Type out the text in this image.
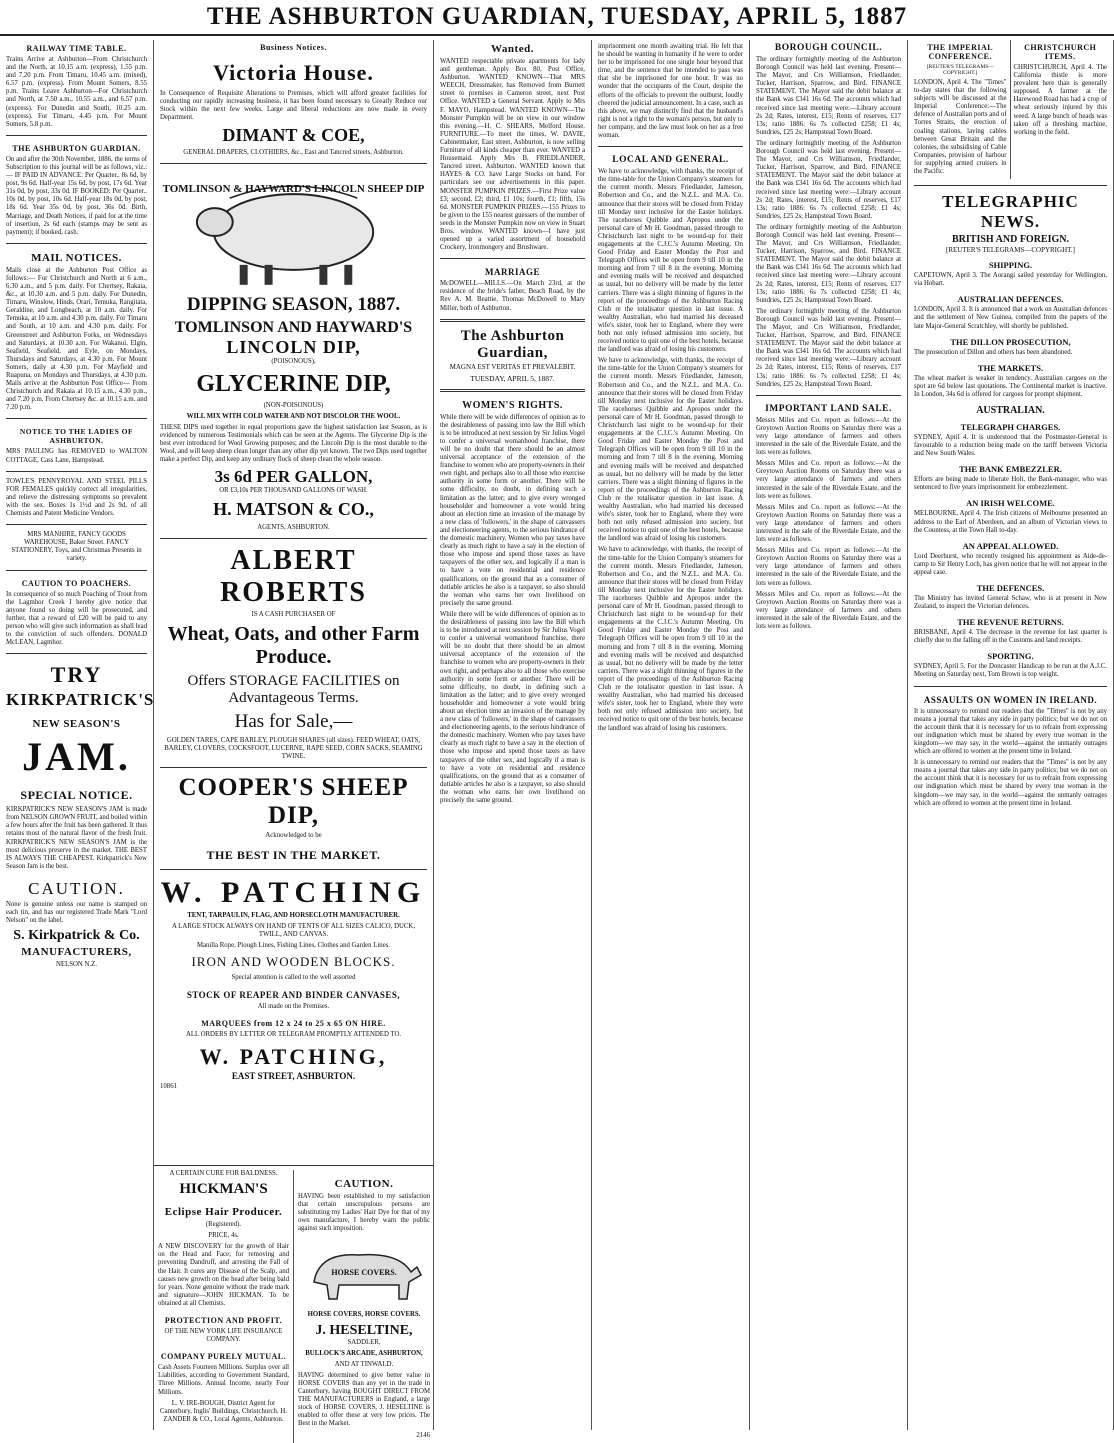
THE ASHBURTON GUARDIAN, TUESDAY, APRIL 5, 1887
RAILWAY TIME TABLE.
Trains Arrive at Ashburton—From Christchurch and the North, at 10.15 a.m. (express), 1.55 p.m. and 7.20 p.m. From Timaru, 10.45 a.m. (mixed), 6.57 p.m. (express). From Mount Somers, 8.55 p.m. Trains Leave Ashburton—For Christchurch and North, at 7.50 a.m., 10.55 a.m., and 6.57 p.m. (express). For Dunedin and South, 10.25 a.m. (express). For Timaru, 4.45 p.m. For Mount Somers, 5.8 p.m.
THE ASHBURTON GUARDIAN.
On and after the 30th November, 1886, the terms of Subscription to this journal will be as follows, viz.: — IF PAID IN ADVANCE: Per Quarter.. 8s 6d, by post, 9s 6d. Half-year 15s 6d, by post, 17s 6d. Year 31s 0d, by post, 33s 0d. IF BOOKED: Per Quarter.. 10s 0d, by post, 10s 6d. Half-year 18s 0d, by post, 18s 6d. Year 35s 0d, by post, 36s 0d. Birth, Marriage, and Death Notices, if paid for at the time of insertion, 2s 6d each (stamps may be sent as payment); if booked, cash.
MAIL NOTICES.
Mails close at the Ashburton Post Office as follows:— For Christchurch and North at 6 a.m., 6.30 a.m., and 5 p.m. daily. For Chertsey, Rakaia, &c., at 10.30 a.m. and 5 p.m. daily. For Dunedin, Timaru, Winslow, Hinds, Orari, Temuka, Rangitata, Geraldine, and Longbeach, at 10 a.m. daily. For Temuka, at 10 a.m. and 4.30 p.m. daily. For Timaru and South, at 10 a.m. and 4.30 p.m. daily. For Greenstreet and Ashburton Forks, on Wednesdays and Saturdays, at 10.30 a.m. For Wakanui, Elgin, Seafield, Seafield, and Eyle, on Mondays, Thursdays and Saturdays, at 4.30 p.m. For Mount Somers, daily at 4.30 p.m. For Mayfield and Ruapuna, on Mondays and Thursdays, at 4.30 p.m. Mails arrive at the Ashburton Post Office— From Christchurch and Rakaia at 10.15 a.m., 4.30 p.m., and 7.20 p.m. From Chertsey &c. at 10.15 a.m. and 7.20 p.m.
NOTICE TO THE LADIES OF ASHBURTON.
MRS PAULING has REMOVED to WALTON COTTAGE, Cass Lane, Hampstead.
TOWLE'S PENNYROYAL AND STEEL PILLS FOR FEMALES quickly correct all irregularities, and relieve the distressing symptoms so prevalent with the sex. Boxes 1s 1½d and 2s 9d, of all Chemists and Patent Medicine Vendors.
MRS MANHIRE, FANCY GOODS WAREHOUSE, Baker Street. FANCY STATIONERY, Toys, and Christmas Presents in variety.
CAUTION TO POACHERS.
In consequence of so much Poaching of Trout from the Lagmhor Creek I hereby give notice that anyone found so doing will be prosecuted, and further, that a reward of £20 will be paid to any person who will give such information as shall lead to the conviction of such offenders. DONALD McLEAN, Lagmhor.
TRY
KIRKPATRICK'S
NEW SEASON'S
JAM.
SPECIAL NOTICE.
KIRKPATRICK'S NEW SEASON'S JAM is made from NELSON GROWN FRUIT, and boiled within a few hours after the fruit has been gathered. It thus retains most of the natural flavor of the fresh fruit. KIRKPATRICK'S NEW SEASON'S JAM is the most delicious preserve in the market. THE BEST IS ALWAYS THE CHEAPEST. Kirkpatrick's New Season Jam is the best.
CAUTION.
None is genuine unless our name is stamped on each tin, and has our registered Trade Mark "Lord Nelson" on the label.
S. Kirkpatrick & Co.
MANUFACTURERS,
NELSON N.Z.
Business Notices.
Victoria House.
In Consequence of Requisite Alterations to Premises, which will afford greater facilities for conducting our rapidly increasing business, it has been found necessary to Greatly Reduce our Stock within the next few weeks. Large and liberal reductions are now made in every Department.
DIMANT & COE,
GENERAL DRAPERS, CLOTHIERS, &c., East and Tancred streets, Ashburton.
TOMLINSON & HAYWARD'S LINCOLN SHEEP DIP
DIPPING SEASON, 1887.
TOMLINSON AND HAYWARD'S
LINCOLN DIP,
(POISONOUS),
GLYCERINE DIP,
(NON-POISONOUS)
WILL MIX WITH COLD WATER AND NOT DISCOLOR THE WOOL.
THESE DIPS used together in equal proportions gave the highest satisfaction last Season, as is evidenced by numerous Testimonials which can be seen at the Agents. The Glycerine Dip is the best ever introduced for Wool Growing purposes; and the Lincoln Dip is the most durable to the Wool, and will keep sheep clean longer than any other dip yet known. The two Dips used together make a perfect Dip, and keep any ordinary flock of sheep clean the whole season.
3s 6d PER GALLON,
OR £3,10s PER THOUSAND GALLONS OF WASH.
H. MATSON & CO.,
AGENTS, ASHBURTON.
ALBERT ROBERTS
IS A CASH PURCHASER OF
Wheat, Oats, and other Farm Produce.
Offers STORAGE FACILITIES on Advantageous Terms.
Has for Sale,—
GOLDEN TARES, CAPE BARLEY, PLOUGH SHARES (all sizes). FEED WHEAT, OATS, BARLEY, CLOVERS, COCKSFOOT, LUCERNE, RAPE SEED, CORN SACKS, SEAMING TWINE.
COOPER'S SHEEP DIP,
Acknowledged to be
THE BEST IN THE MARKET.
W. PATCHING
TENT, TARPAULIN, FLAG, AND HORSECLOTH MANUFACTURER.
A LARGE STOCK ALWAYS ON HAND OF TENTS OF ALL SIZES CALICO, DUCK, TWILL, AND CANVAS.
Manilla Rope, Plough Lines, Fishing Lines, Clothes and Garden Lines.
IRON AND WOODEN BLOCKS.
Special attention is called to the well assorted
STOCK OF REAPER AND BINDER CANVASES,
All made on the Premises.
MARQUEES from 12 x 24 to 25 x 65 ON HIRE.
ALL ORDERS BY LETTER OR TELEGRAM PROMPTLY ATTENDED TO.
W. PATCHING,
EAST STREET, ASHBURTON.
10861
A CERTAIN CURE FOR BALDNESS.
HICKMAN'S
Eclipse Hair Producer.
(Registered).
PRICE, 4s.
A NEW DISCOVERY for the growth of Hair on the Head and Face; for removing and preventing Dandruff, and arresting the Fall of the Hair. It cures any Disease of the Scalp, and causes new growth on the head after being bald for years. None genuine without the trade mark and signature—JOHN HICKMAN. To be obtained at all Chemists.
PROTECTION AND PROFIT.
OF THE NEW YORK LIFE INSURANCE COMPANY.
COMPANY PURELY MUTUAL.
Cash Assets Fourteen Millions. Surplus over all Liabilities, according to Government Standard, Three Millions. Annual Income, nearly Four Millions.
L. V. IRE-BOUGH, District Agent for Canterbury, Inglis' Buildings, Christchurch. H. ZANDER & CO., Local Agents, Ashburton.
CAUTION.
HAVING been established to my satisfaction that certain unscrupulous persons are substituting my Ladies' Hair Dye for that of my own manufacture, I hereby warn the public against such imposition.
HORSE COVERS.
HORSE COVERS, HORSE COVERS.
J. HESELTINE,
SADDLER,
BULLOCK'S ARCADE, ASHBURTON,
AND AT TINWALD.
HAVING determined to give better value in HORSE COVERS than any yet in the trade in Canterbury, having BOUGHT DIRECT FROM THE MANUFACTURERS in England, a large stock of HORSE COVERS, J. HESELTINE is enabled to offer these at very low prices. The Best in the Market.
2146
Wanted.
WANTED respectable private apartments for lady and gentleman. Apply Box 80, Post Office, Ashburton. WANTED KNOWN—That MRS WEECH, Dressmaker, has Removed from Burnett street to premises in Cameron street, next Post Office. WANTED a General Servant. Apply to Mrs F. MAYO, Hampstead. WANTED KNOWN—The Monster Pumpkin will be on view in our window this evening.—H. C. SHEARS, Melford House. FURNITURE.—To meet the times, W. DAVIE, Cabinetmaker, East street, Ashburton, is now selling Furniture of all kinds cheaper than ever. WANTED a Housemaid. Apply Mrs B. FRIEDLANDER, Tancred street, Ashburton. WANTED known that HAYES & CO. have Large Stocks on hand. For particulars see our advertisements in this paper. MONSTER PUMPKIN PRIZES.—First Prize value £3; second, £2; third, £1 10s; fourth, £1; fifth, 15s 6d. MONSTER PUMPKIN PRIZES.—155 Prizes to be given to the 155 nearest guessers of the number of seeds in the Monster Pumpkin now on view in Stuart Bros. window. WANTED known—I have just opened up a varied assortment of household Crockery, Ironmongery and Brushware.
MARRIAGE
McDOWELL—MILLS.—On March 23rd, at the residence of the bride's father, Beach Road, by the Rev A. M. Beattie, Thomas McDowell to Mary Miller, both of Ashburton.
The Ashburton Guardian,
MAGNA EST VERITAS ET PREVALEBIT.
TUESDAY, APRIL 5, 1887.
WOMEN'S RIGHTS.
While there will be wide differences of opinion as to the desirableness of passing into law the Bill which is to be introduced at next session by Sir Julius Vogel to confer a universal womanhood franchise, there will be no doubt that there should be an almost universal acceptance of the extension of the franchise to women who are property-owners in their own right, and perhaps also to all those who exercise authority in some form or another. There will be some difficulty, no doubt, in defining such a limitation as the latter; and to give every wronged householder and homeowner a vote would bring about an election time an invasion of the manage by a new class of 'followers,' in the shape of canvassers and electioneering agents, to the serious hindrance of the domestic machinery. Women who pay taxes have clearly as much right to have a say in the election of those who impose and spend those taxes as have taxpayers of the other sex, and logically if a man is to have a vote on residential and residence qualifications, on the ground that as a consumer of dutiable articles he also is a taxpayer, so also should the woman who earns her own livelihood on precisely the same ground.
While there will be wide differences of opinion as to the desirableness of passing into law the Bill which is to be introduced at next session by Sir Julius Vogel to confer a universal womanhood franchise, there will be no doubt that there should be an almost universal acceptance of the extension of the franchise to women who are property-owners in their own right, and perhaps also to all those who exercise authority in some form or another. There will be some difficulty, no doubt, in defining such a limitation as the latter; and to give every wronged householder and homeowner a vote would bring about an election time an invasion of the manage by a new class of 'followers,' in the shape of canvassers and electioneering agents, to the serious hindrance of the domestic machinery. Women who pay taxes have clearly as much right to have a say in the election of those who impose and spend those taxes as have taxpayers of the other sex, and logically if a man is to have a vote on residential and residence qualifications, on the ground that as a consumer of dutiable articles he also is a taxpayer, so also should the woman who earns her own livelihood on precisely the same ground.
imprisonment one month awaiting trial. He felt that he should be wanting in humanity if he were to order her to be imprisoned for one single hour beyond that time, and the sentence that he intended to pass was that she be imprisoned for one hour. It was no wonder that the occupants of the Court, despite the efforts of the officials to prevent the outburst, loudly cheered the judicial announcement. In a case, such as this above, we may distinctly find that the husband's right is not a right to the woman's person, but only to her company, and the law must look on her as a free woman.
LOCAL AND GENERAL.
We have to acknowledge, with thanks, the receipt of the time-table for the Union Company's steamers for the current month. Messrs Friedlander, Jameson, Robertson and Co., and the N.Z.L. and M.A. Co. announce that their stores will be closed from Friday till Monday next inclusive for the Easter holidays. The racehorses Quibble and Apropos under the personal care of Mr H. Goodman, passed through to Christchurch last night to be wound-up for their engagements at the C.J.C.'s Autumn Meeting. On Good Friday and Easter Monday the Post and Telegraph Offices will be open from 9 till 10 in the morning and from 7 till 8 in the evening. Morning and evening mails will be received and despatched as usual, but no delivery will be made by the letter carriers. There was a slight thinning of figures in the report of the proceedings of the Ashburton Racing Club re the totalisator question in last issue. A wealthy Australian, who had married his deceased wife's sister, took her to England, where they were both not only refused admission into society, but received notice to quit one of the best hotels, because the landlord was afraid of losing his customers.
We have to acknowledge, with thanks, the receipt of the time-table for the Union Company's steamers for the current month. Messrs Friedlander, Jameson, Robertson and Co., and the N.Z.L. and M.A. Co. announce that their stores will be closed from Friday till Monday next inclusive for the Easter holidays. The racehorses Quibble and Apropos under the personal care of Mr H. Goodman, passed through to Christchurch last night to be wound-up for their engagements at the C.J.C.'s Autumn Meeting. On Good Friday and Easter Monday the Post and Telegraph Offices will be open from 9 till 10 in the morning and from 7 till 8 in the evening. Morning and evening mails will be received and despatched as usual, but no delivery will be made by the letter carriers. There was a slight thinning of figures in the report of the proceedings of the Ashburton Racing Club re the totalisator question in last issue. A wealthy Australian, who had married his deceased wife's sister, took her to England, where they were both not only refused admission into society, but received notice to quit one of the best hotels, because the landlord was afraid of losing his customers.
We have to acknowledge, with thanks, the receipt of the time-table for the Union Company's steamers for the current month. Messrs Friedlander, Jameson, Robertson and Co., and the N.Z.L. and M.A. Co. announce that their stores will be closed from Friday till Monday next inclusive for the Easter holidays. The racehorses Quibble and Apropos under the personal care of Mr H. Goodman, passed through to Christchurch last night to be wound-up for their engagements at the C.J.C.'s Autumn Meeting. On Good Friday and Easter Monday the Post and Telegraph Offices will be open from 9 till 10 in the morning and from 7 till 8 in the evening. Morning and evening mails will be received and despatched as usual, but no delivery will be made by the letter carriers. There was a slight thinning of figures in the report of the proceedings of the Ashburton Racing Club re the totalisator question in last issue. A wealthy Australian, who had married his deceased wife's sister, took her to England, where they were both not only refused admission into society, but received notice to quit one of the best hotels, because the landlord was afraid of losing his customers.
BOROUGH COUNCIL.
The ordinary fortnightly meeting of the Ashburton Borough Council was held last evening. Present—The Mayor, and Crs Williamson, Friedlander, Tucker, Harrison, Sparrow, and Bird. FINANCE STATEMENT. The Mayor said the debit balance at the Bank was £341 16s 6d. The accounts which had received since last meeting were:—Library account 2s 2d; Rates, interest, £15; Rents of reserves, £17 13s; ratio 1886: 6s 7s collected £258; £1 4s; Sundries, £25 2s; Hampstead Town Board.
The ordinary fortnightly meeting of the Ashburton Borough Council was held last evening. Present—The Mayor, and Crs Williamson, Friedlander, Tucker, Harrison, Sparrow, and Bird. FINANCE STATEMENT. The Mayor said the debit balance at the Bank was £341 16s 6d. The accounts which had received since last meeting were:—Library account 2s 2d; Rates, interest, £15; Rents of reserves, £17 13s; ratio 1886: 6s 7s collected £258; £1 4s; Sundries, £25 2s; Hampstead Town Board.
The ordinary fortnightly meeting of the Ashburton Borough Council was held last evening. Present—The Mayor, and Crs Williamson, Friedlander, Tucker, Harrison, Sparrow, and Bird. FINANCE STATEMENT. The Mayor said the debit balance at the Bank was £341 16s 6d. The accounts which had received since last meeting were:—Library account 2s 2d; Rates, interest, £15; Rents of reserves, £17 13s; ratio 1886: 6s 7s collected £258; £1 4s; Sundries, £25 2s; Hampstead Town Board.
The ordinary fortnightly meeting of the Ashburton Borough Council was held last evening. Present—The Mayor, and Crs Williamson, Friedlander, Tucker, Harrison, Sparrow, and Bird. FINANCE STATEMENT. The Mayor said the debit balance at the Bank was £341 16s 6d. The accounts which had received since last meeting were:—Library account 2s 2d; Rates, interest, £15; Rents of reserves, £17 13s; ratio 1886: 6s 7s collected £258; £1 4s; Sundries, £25 2s; Hampstead Town Board.
IMPORTANT LAND SALE.
Messrs Miles and Co. report as follows:—At the Greytown Auction Rooms on Saturday there was a very large attendance of farmers and others interested in the sale of the Riverdale Estate, and the lots were as follows.
Messrs Miles and Co. report as follows:—At the Greytown Auction Rooms on Saturday there was a very large attendance of farmers and others interested in the sale of the Riverdale Estate, and the lots were as follows.
Messrs Miles and Co. report as follows:—At the Greytown Auction Rooms on Saturday there was a very large attendance of farmers and others interested in the sale of the Riverdale Estate, and the lots were as follows.
Messrs Miles and Co. report as follows:—At the Greytown Auction Rooms on Saturday there was a very large attendance of farmers and others interested in the sale of the Riverdale Estate, and the lots were as follows.
Messrs Miles and Co. report as follows:—At the Greytown Auction Rooms on Saturday there was a very large attendance of farmers and others interested in the sale of the Riverdale Estate, and the lots were as follows.
THE IMPERIAL CONFERENCE.
[REUTER'S TELEGRAMS—COPYRIGHT.]
LONDON, April 4. The "Times" to-day states that the following subjects will be discussed at the Imperial Conference:—The defence of Australian ports and of Torres Straits, the erection of coaling stations, laying cables between Great Britain and the colonies, the subsidising of Cable Companies, provision of harbour for supplying armed cruisers in the Pacific.
CHRISTCHURCH ITEMS.
CHRISTCHURCH, April 4. The California thistle is more prevalent here than is generally supposed. A farmer at the Harewood Road has had a crop of wheat seriously injured by this weed. A large bunch of heads was taken off a threshing machine, working in the field.
TELEGRAPHIC NEWS.
BRITISH AND FOREIGN.
[REUTER'S TELEGRAMS—COPYRIGHT.]
SHIPPING.
CAPETOWN, April 3. The Aorangi sailed yesterday for Wellington, via Hobart.
AUSTRALIAN DEFENCES.
LONDON, April 3. It is announced that a work on Australian defences and the settlement of New Guinea, compiled from the papers of the late Major-General Scratchley, will shortly be published.
THE DILLON PROSECUTION,
The prosecution of Dillon and others has been abandoned.
THE MARKETS.
The wheat market is weaker in tendency. Australian cargoes on the spot are 6d below last quotations. The Continental market is inactive. In London, 34s 6d is offered for cargoes for prompt shipment.
AUSTRALIAN.
TELEGRAPH CHARGES.
SYDNEY, April 4. It is understood that the Postmaster-General is favourable to a reduction being made on the tariff between Victoria and New South Wales.
THE BANK EMBEZZLER.
Efforts are being made to liberate Holt, the Bank-manager, who was sentenced to five years imprisonment for embezzlement.
AN IRISH WELCOME.
MELBOURNE, April 4. The Irish citizens of Melbourne presented an address to the Earl of Aberdeen, and an album of Victorian views to the Countess, at the Town Hall to-day.
AN APPEAL ALLOWED.
Lord Deerhurst, who recently resigned his appointment as Aide-de-camp to Sir Henry Loch, has given notice that he will not appear in the appeal case.
THE DEFENCES.
The Ministry has invited General Schaw, who is at present in New Zealand, to inspect the Victorian defences.
THE REVENUE RETURNS.
BRISBANE, April 4. The decrease in the revenue for last quarter is chiefly due to the falling off in the Customs and land receipts.
SPORTING.
SYDNEY, April 5. For the Doncaster Handicap to be run at the A.J.C. Meeting on Saturday next, Tom Brown is top weight.
ASSAULTS ON WOMEN IN IRELAND.
It is unnecessary to remind our readers that the "Times" is not by any means a journal that takes any side in party politics; but we do not on the account think that it is necessary for us to refrain from expressing our indignation which must be shared by every true woman in the kingdom—we may say, in the world—against the unmanly outrages which are offered to women at the present time in Ireland.
It is unnecessary to remind our readers that the "Times" is not by any means a journal that takes any side in party politics; but we do not on the account think that it is necessary for us to refrain from expressing our indignation which must be shared by every true woman in the kingdom—we may say, in the world—against the unmanly outrages which are offered to women at the present time in Ireland.
